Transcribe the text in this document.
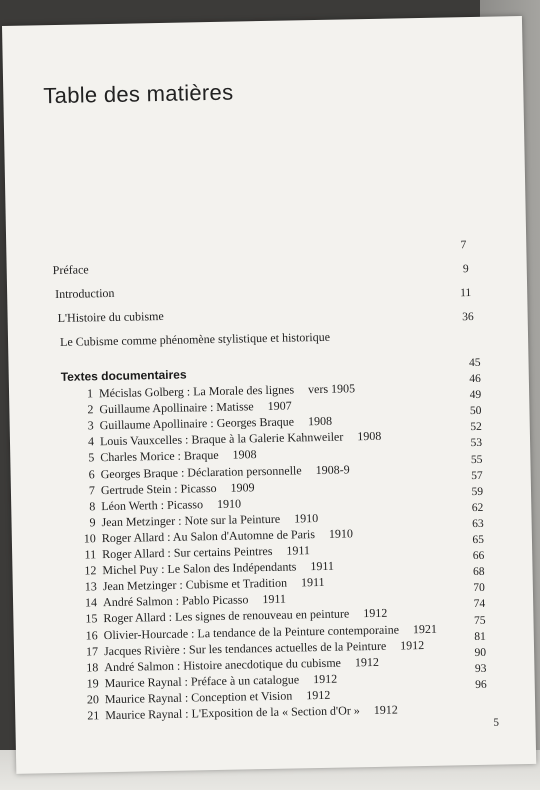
Table des matières
7
9
11
36
Préface
Introduction
L'Histoire du cubisme
Le Cubisme comme phénomène stylistique et historique
Textes documentaires
45
1 Mécislas Golberg : La Morale des lignes vers 1905
46
2 Guillaume Apollinaire : Matisse 1907
49
3 Guillaume Apollinaire : Georges Braque 1908
50
4 Louis Vauxcelles : Braque à la Galerie Kahnweiler 1908
52
5 Charles Morice : Braque 1908
53
6 Georges Braque : Déclaration personnelle 1908-9
55
7 Gertrude Stein : Picasso 1909
57
8 Léon Werth : Picasso 1910
59
9 Jean Metzinger : Note sur la Peinture 1910
62
10 Roger Allard : Au Salon d'Automne de Paris 1910
63
11 Roger Allard : Sur certains Peintres 1911
65
12 Michel Puy : Le Salon des Indépendants 1911
66
13 Jean Metzinger : Cubisme et Tradition 1911
68
14 André Salmon : Pablo Picasso 1911
70
15 Roger Allard : Les signes de renouveau en peinture 1912
74
16 Olivier-Hourcade : La tendance de la Peinture contemporaine 1921
75
17 Jacques Rivière : Sur les tendances actuelles de la Peinture 1912
81
18 André Salmon : Histoire anecdotique du cubisme 1912
90
19 Maurice Raynal : Préface à un catalogue 1912
93
20 Maurice Raynal : Conception et Vision 1912
96
21 Maurice Raynal : L'Exposition de la « Section d'Or » 1912
5
